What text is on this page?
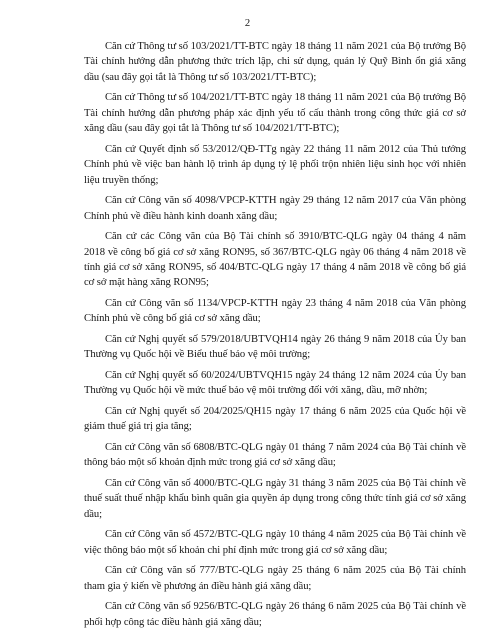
2

Căn cứ Thông tư số 103/2021/TT-BTC ngày 18 tháng 11 năm 2021 của Bộ trưởng Bộ Tài chính hướng dẫn phương thức trích lập, chi sử dụng, quản lý Quỹ Bình ổn giá xăng dầu (sau đây gọi tắt là Thông tư số 103/2021/TT-BTC);

Căn cứ Thông tư số 104/2021/TT-BTC ngày 18 tháng 11 năm 2021 của Bộ trưởng Bộ Tài chính hướng dẫn phương pháp xác định yếu tố cấu thành trong công thức giá cơ sở xăng dầu (sau đây gọi tắt là Thông tư số 104/2021/TT-BTC);

Căn cứ Quyết định số 53/2012/QĐ-TTg ngày 22 tháng 11 năm 2012 của Thủ tướng Chính phủ về việc ban hành lộ trình áp dụng tỷ lệ phối trộn nhiên liệu sinh học với nhiên liệu truyền thống;

Căn cứ Công văn số 4098/VPCP-KTTH ngày 29 tháng 12 năm 2017 của Văn phòng Chính phủ về điều hành kinh doanh xăng dầu;

Căn cứ các Công văn của Bộ Tài chính số 3910/BTC-QLG ngày 04 tháng 4 năm 2018 về công bố giá cơ sở xăng RON95, số 367/BTC-QLG ngày 06 tháng 4 năm 2018 về tính giá cơ sở xăng RON95, số 404/BTC-QLG ngày 17 tháng 4 năm 2018 về công bố giá cơ sở mặt hàng xăng RON95;

Căn cứ Công văn số 1134/VPCP-KTTH ngày 23 tháng 4 năm 2018 của Văn phòng Chính phủ về công bố giá cơ sở xăng dầu;

Căn cứ Nghị quyết số 579/2018/UBTVQH14 ngày 26 tháng 9 năm 2018 của Ủy ban Thường vụ Quốc hội về Biểu thuế bảo vệ môi trường;

Căn cứ Nghị quyết số 60/2024/UBTVQH15 ngày 24 tháng 12 năm 2024 của Ủy ban Thường vụ Quốc hội về mức thuế bảo vệ môi trường đối với xăng, dầu, mỡ nhờn;

Căn cứ Nghị quyết số 204/2025/QH15 ngày 17 tháng 6 năm 2025 của Quốc hội về giảm thuế giá trị gia tăng;

Căn cứ Công văn số 6808/BTC-QLG ngày 01 tháng 7 năm 2024 của Bộ Tài chính về thông báo một số khoản định mức trong giá cơ sở xăng dầu;

Căn cứ Công văn số 4000/BTC-QLG ngày 31 tháng 3 năm 2025 của Bộ Tài chính về thuế suất thuế nhập khẩu bình quân gia quyền áp dụng trong công thức tính giá cơ sở xăng dầu;

Căn cứ Công văn số 4572/BTC-QLG ngày 10 tháng 4 năm 2025 của Bộ Tài chính về việc thông báo một số khoản chi phí định mức trong giá cơ sở xăng dầu;

Căn cứ Công văn số 777/BTC-QLG ngày 25 tháng 6 năm 2025 của Bộ Tài chính tham gia ý kiến về phương án điều hành giá xăng dầu;

Căn cứ Công văn số 9256/BTC-QLG ngày 26 tháng 6 năm 2025 của Bộ Tài chính về phối hợp công tác điều hành giá xăng dầu;
